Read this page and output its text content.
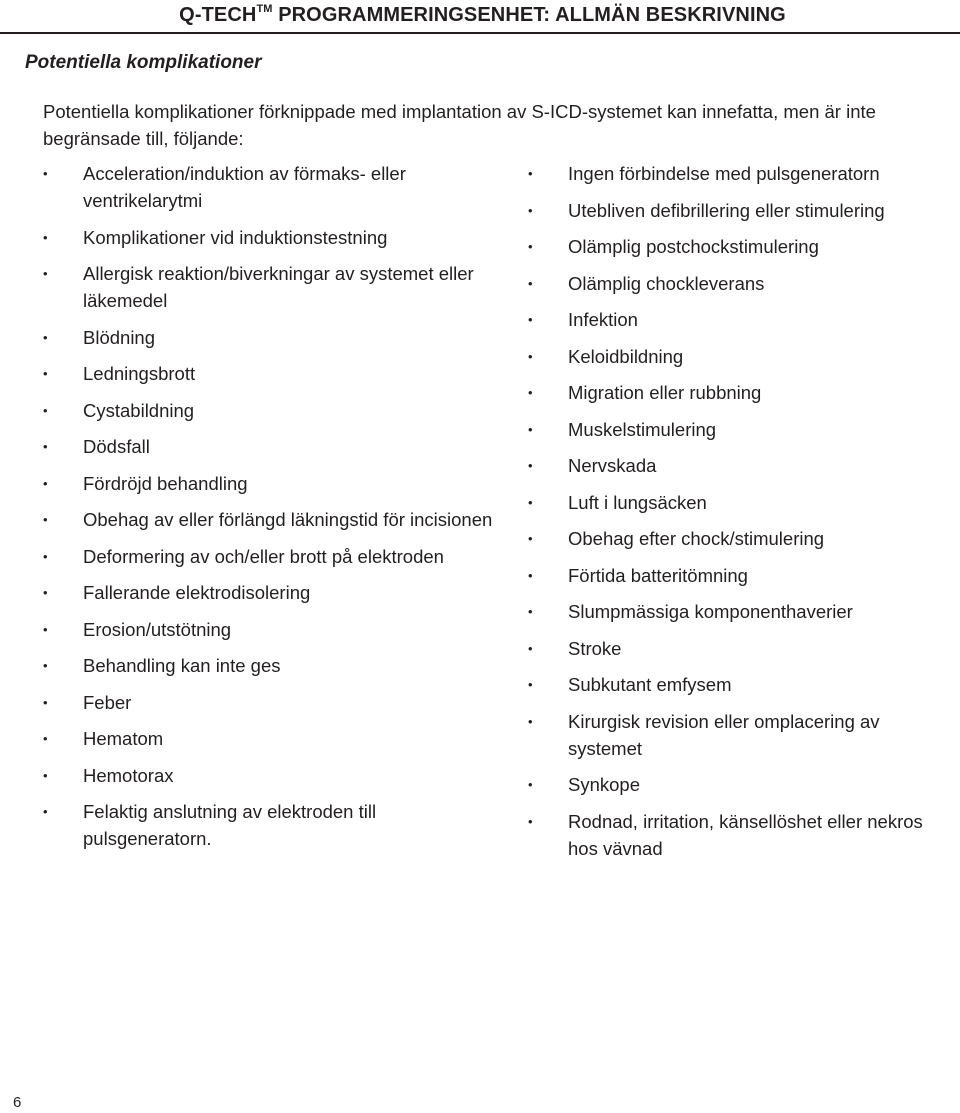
Q-TECH™ PROGRAMMERINGSENHET: ALLMÄN BESKRIVNING
Potentiella komplikationer
Potentiella komplikationer förknippade med implantation av S-ICD-systemet kan innefatta, men är inte begränsade till, följande:
• Acceleration/induktion av förmaks- eller ventrikelarytmi
• Komplikationer vid induktionstestning
• Allergisk reaktion/biverkningar av systemet eller läkemedel
• Blödning
• Ledningsbrott
• Cystabildning
• Dödsfall
• Fördröjd behandling
• Obehag av eller förlängd läkningstid för incisionen
• Deformering av och/eller brott på elektroden
• Fallerande elektrodisolering
• Erosion/utstötning
• Behandling kan inte ges
• Feber
• Hematom
• Hemotorax
• Felaktig anslutning av elektroden till pulsgeneratorn.
• Ingen förbindelse med pulsgeneratorn
• Utebliven defibrillering eller stimulering
• Olämplig postchockstimulering
• Olämplig chockleverans
• Infektion
• Keloidbildning
• Migration eller rubbning
• Muskelstimulering
• Nervskada
• Luft i lungsäcken
• Obehag efter chock/stimulering
• Förtida batteritömning
• Slumpmässiga komponenthaverier
• Stroke
• Subkutant emfysem
• Kirurgisk revision eller omplacering av systemet
• Synkope
• Rodnad, irritation, känsellöshet eller nekros hos vävnad
6
